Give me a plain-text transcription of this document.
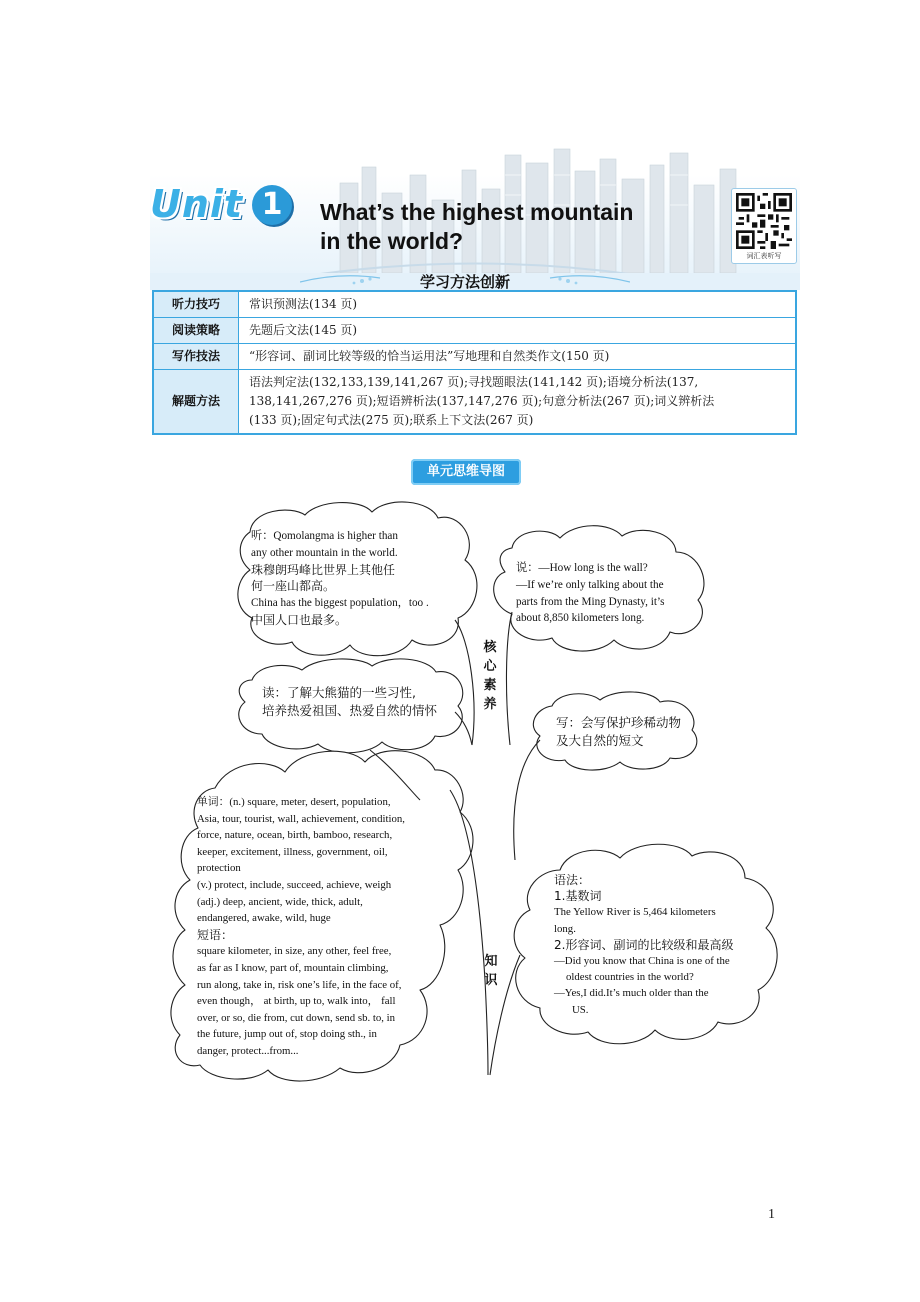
Unit 1	What’s the highest mountain
in the world?
词汇表听写
学习方法创新
听力技巧	常识预测法(134 页)
阅读策略	先题后文法(145 页)
写作技法	“形容词、副词比较等级的恰当运用法”写地理和自然类作文(150 页)
解题方法	语法判定法(132,133,139,141,267 页);寻找题眼法(141,142 页);语境分析法(137,
138,141,267,276 页);短语辨析法(137,147,276 页);句意分析法(267 页);词义辨析法
(133 页);固定句式法(275 页);联系上下文法(267 页)
单元思维导图
听：Qomolangma is higher than
any other mountain in the world.
珠穆朗玛峰比世界上其他任
何一座山都高。
China has the biggest population，too .
中国人口也最多。
说：—How long is the wall?
—If we’re only talking about the
parts from the Ming Dynasty, it’s
about 8,850 kilometers long.
读：了解大熊猫的一些习性,
培养热爱祖国、热爱自然的情怀
写：会写保护珍稀动物
及大自然的短文
单词：(n.) square, meter, desert, population,
Asia, tour, tourist, wall, achievement, condition,
force, nature, ocean, birth, bamboo, research,
keeper, excitement, illness, government, oil,
protection
(v.) protect, include, succeed, achieve, weigh
(adj.) deep, ancient, wide, thick, adult,
endangered, awake, wild, huge
短语：
square kilometer, in size, any other, feel free,
as far as I know, part of, mountain climbing,
run along, take in, risk one’s life, in the face of,
even though， at birth, up to, walk into， fall
over, or so, die from, cut down, send sb. to, in
the future, jump out of, stop doing sth., in
danger, protect...from...
语法：
1.基数词
The Yellow River is 5,464 kilometers
long.
2.形容词、副词的比较级和最高级
—Did you know that China is one of the
oldest countries in the world?
—Yes,I did.It’s much older than the
US.
核
心
素
养
知
识
1
